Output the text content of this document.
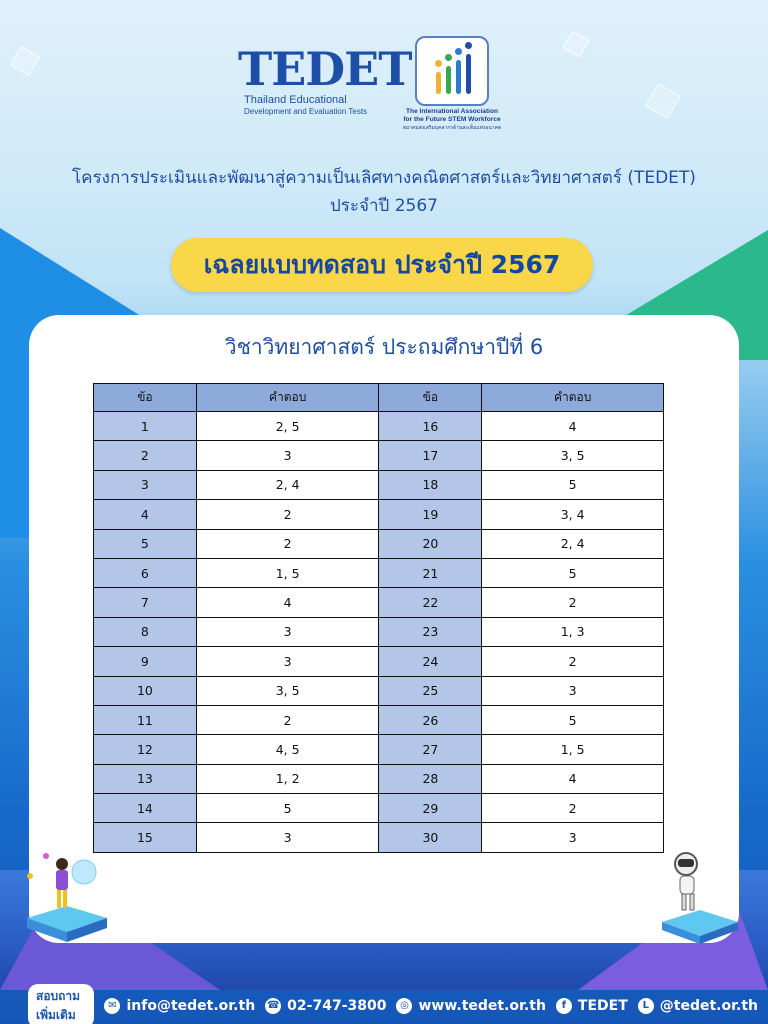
TEDET
Thailand Educational
Development and Evaluation Tests	The International Association
for the Future STEM Workforce
สมาคมส่งเสริมบุคลากรด้านสะเต็มแห่งอนาคต
โครงการประเมินและพัฒนาสู่ความเป็นเลิศทางคณิตศาสตร์และวิทยาศาสตร์ (TEDET)
ประจำปี 2567
เฉลยแบบทดสอบ ประจำปี 2567
วิชาวิทยาศาสตร์ ประถมศึกษาปีที่ 6
ข้อ	คำตอบ	ข้อ	คำตอบ
1	2, 5	16	4
2	3	17	3, 5
3	2, 4	18	5
4	2	19	3, 4
5	2	20	2, 4
6	1, 5	21	5
7	4	22	2
8	3	23	1, 3
9	3	24	2
10	3, 5	25	3
11	2	26	5
12	4, 5	27	1, 5
13	1, 2	28	4
14	5	29	2
15	3	30	3
สอบถามเพิ่มเติม
✉ info@tedet.or.th ☎ 02-747-3800	◎ www.tedet.or.th	f TEDET	L @tedet.or.th
